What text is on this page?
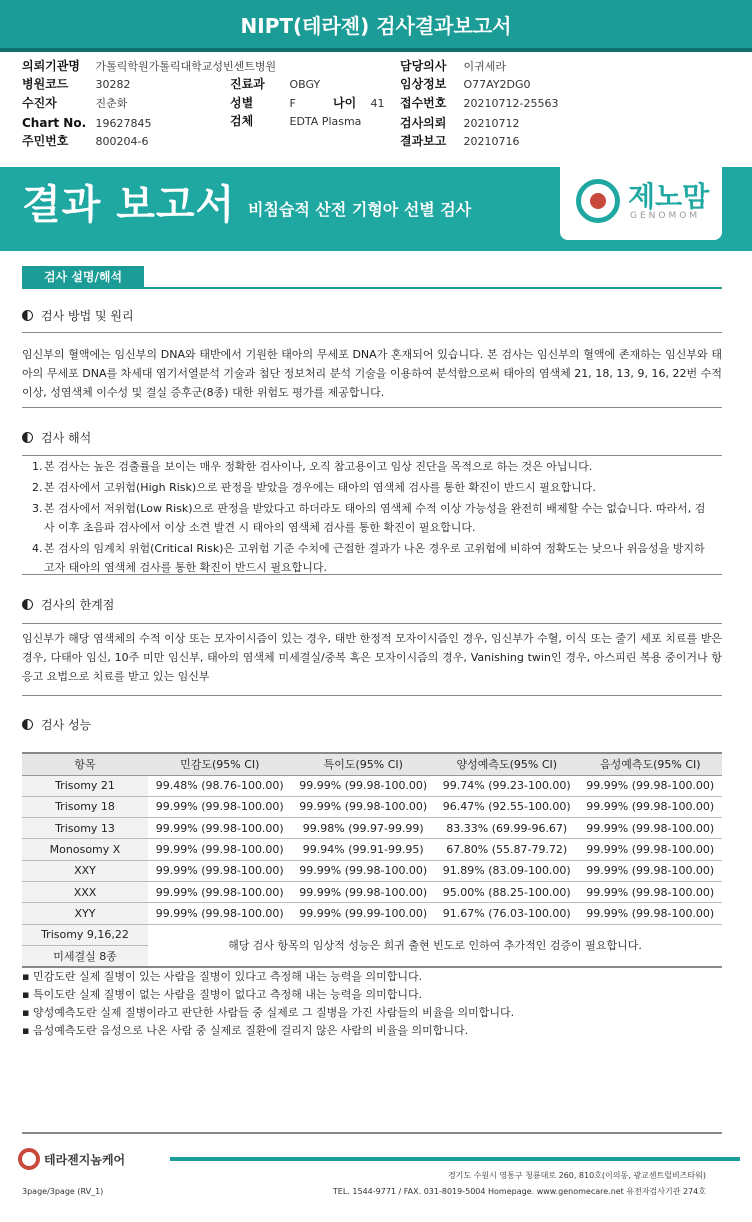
NIPT(테라젠) 검사결과보고서
의뢰기관명 가톨릭학원가톨릭대학교성빈센트병원	담당의사 이귀세라
병원코드 30282	진료과 OBGY	임상정보 O77AY2DG0
수진자	진춘화	성별	F	나이 41 접수번호 20210712-25563
Chart No. 19627845	검체	EDTA Plasma	검사의뢰 20210712
주민번호 800204-6	결과보고 20210716
결과 보고서 비침습적 산전 기형아 선별 검사	제노맘
GENOMOM
검사 설명/해석
검사 방법 및 원리
임신부의 혈액에는 임신부의 DNA와 태반에서 기원한 태아의 무세포 DNA가 혼재되어 있습니다. 본 검사는 임신부의 혈액에 존재하는 임신부와 태아의 무세포 DNA를 차세대 염기서열분석 기술과 첨단 정보처리 분석 기술을 이용하여 분석함으로써 태아의 염색체 21, 18, 13, 9, 16, 22번 수적 이상, 성염색체 이수성 및 결실 증후군(8종) 대한 위험도 평가를 제공합니다.
검사 해석
1. 본 검사는 높은 검출률을 보이는 매우 정확한 검사이나, 오직 참고용이고 임상 진단을 목적으로 하는 것은 아닙니다.
2. 본 검사에서 고위험(High Risk)으로 판정을 받았을 경우에는 태아의 염색체 검사를 통한 확진이 반드시 필요합니다.
3. 본 검사에서 저위험(Low Risk)으로 판정을 받았다고 하더라도 태아의 염색체 수적 이상 가능성을 완전히 배제할 수는 없습니다. 따라서, 검사 이후 초음파 검사에서 이상 소견 발견 시 태아의 염색체 검사를 통한 확진이 필요합니다.
4. 본 검사의 임계치 위험(Critical Risk)은 고위험 기준 수치에 근접한 결과가 나온 경우로 고위험에 비하여 정확도는 낮으나 위음성을 방지하고자 태아의 염색체 검사를 통한 확진이 반드시 필요합니다.
검사의 한계점
임신부가 해당 염색체의 수적 이상 또는 모자이시즘이 있는 경우, 태반 한정적 모자이시즘인 경우, 임신부가 수혈, 이식 또는 줄기 세포 치료를 받은 경우, 다태아 임신, 10주 미만 임신부, 태아의 염색체 미세결실/중복 혹은 모자이시즘의 경우, Vanishing twin인 경우, 아스피린 복용 중이거나 항 응고 요법으로 치료를 받고 있는 임신부
검사 성능
항목	민감도(95% CI)	특이도(95% CI)	양성예측도(95% CI)	음성예측도(95% CI)
Trisomy 21	99.48% (98.76-100.00)	99.99% (99.98-100.00)	99.74% (99.23-100.00)	99.99% (99.98-100.00)
Trisomy 18	99.99% (99.98-100.00)	99.99% (99.98-100.00)	96.47% (92.55-100.00)	99.99% (99.98-100.00)
Trisomy 13	99.99% (99.98-100.00)	99.98% (99.97-99.99)	83.33% (69.99-96.67)	99.99% (99.98-100.00)
Monosomy X	99.99% (99.98-100.00)	99.94% (99.91-99.95)	67.80% (55.87-79.72)	99.99% (99.98-100.00)
XXY	99.99% (99.98-100.00)	99.99% (99.98-100.00)	91.89% (83.09-100.00)	99.99% (99.98-100.00)
XXX	99.99% (99.98-100.00)	99.99% (99.98-100.00)	95.00% (88.25-100.00)	99.99% (99.98-100.00)
XYY	99.99% (99.98-100.00)	99.99% (99.99-100.00)	91.67% (76.03-100.00)	99.99% (99.98-100.00)
Trisomy 9,16,22	해당 검사 항목의 임상적 성능은 희귀 출현 빈도로 인하여 추가적인 검증이 필요합니다.			
미세결실 8종				
▪ 민감도란 실제 질병이 있는 사람을 질병이 있다고 측정해 내는 능력을 의미합니다.
▪ 특이도란 실제 질병이 없는 사람을 질병이 없다고 측정해 내는 능력을 의미합니다.
▪ 양성예측도란 실제 질병이라고 판단한 사람들 중 실제로 그 질병을 가진 사람들의 비율을 의미합니다.
▪ 음성예측도란 음성으로 나온 사람 중 실제로 질환에 걸리지 않은 사람의 비율을 의미합니다.
테라젠지놈케어
경기도 수원시 영통구 청룡대로 260, 810호(이의동, 광교센트럴비즈타워)
TEL. 1544-9771 / FAX. 031-8019-5004 Homepage. www.genomecare.net 유전자검사기관 274호
3page/3page (RV_1)
